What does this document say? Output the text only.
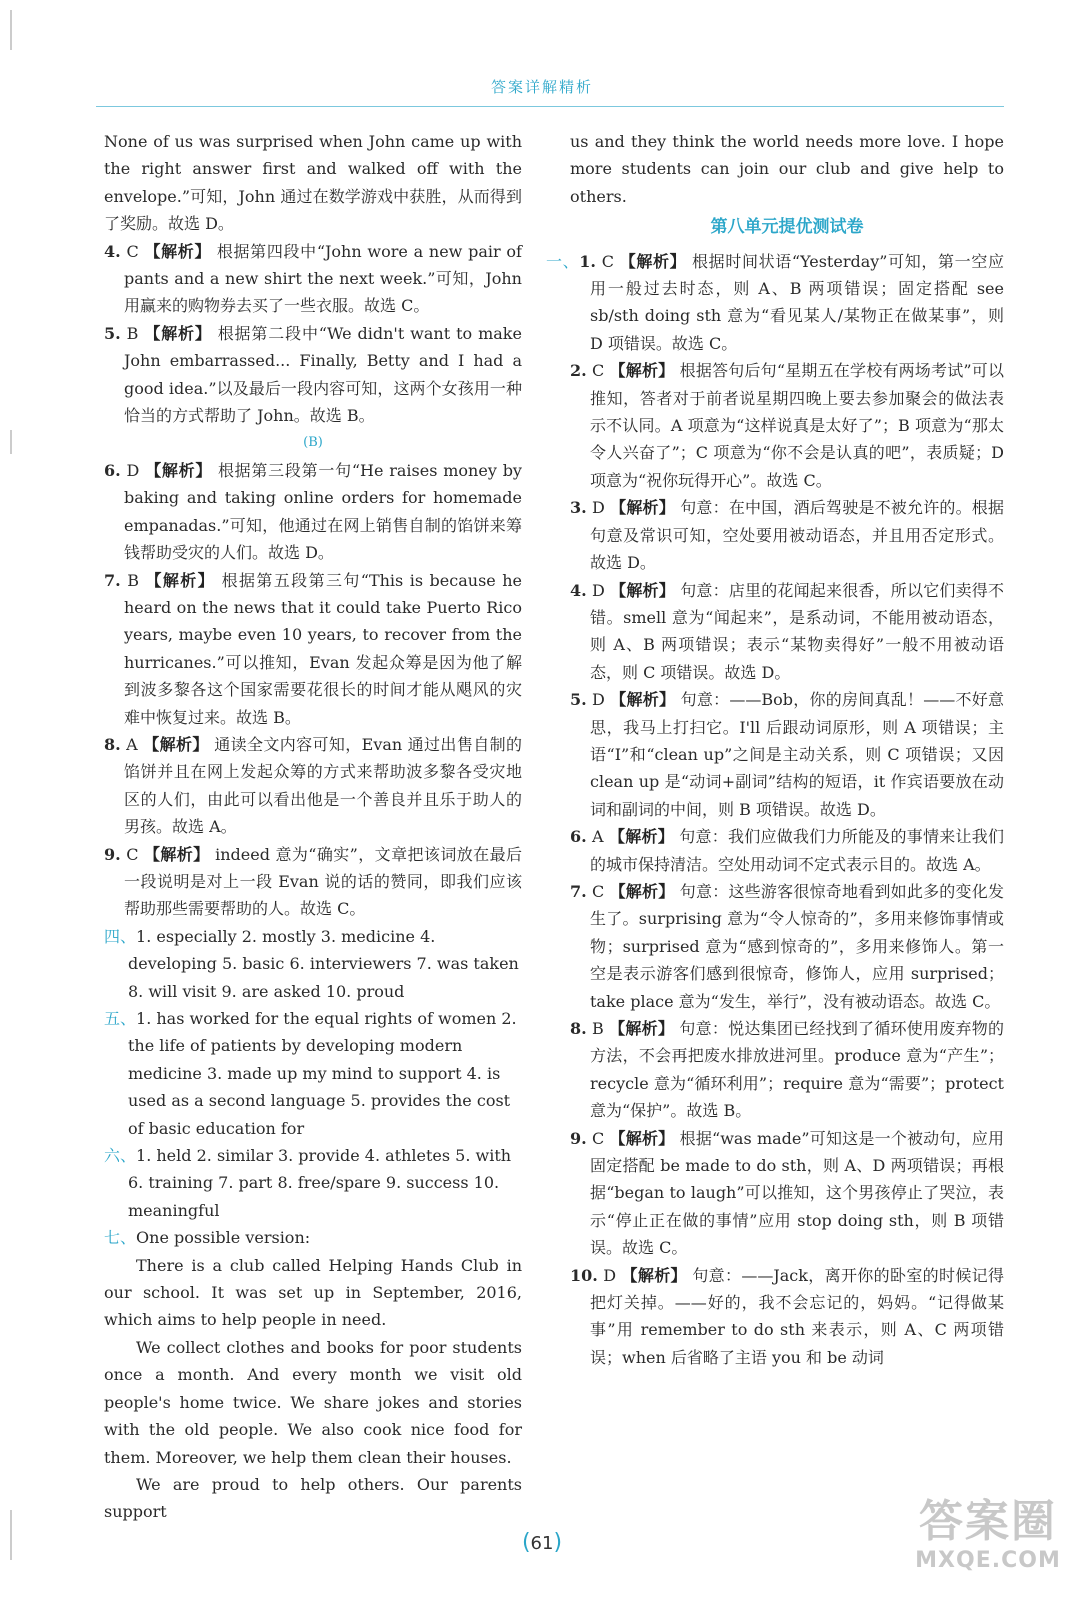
答案详解精析

None of us was surprised when John came up with the right answer first and walked off with the envelope.”可知，John 通过在数学游戏中获胜，从而得到了奖励。故选 D。

4. C 【解析】 根据第四段中“John wore a new pair of pants and a new shirt the next week.”可知，John 用赢来的购物券去买了一些衣服。故选 C。

5. B 【解析】 根据第二段中“We didn't want to make John embarrassed... Finally, Betty and I had a good idea.”以及最后一段内容可知，这两个女孩用一种恰当的方式帮助了 John。故选 B。

(B)

6. D 【解析】 根据第三段第一句“He raises money by baking and taking online orders for homemade empanadas.”可知，他通过在网上销售自制的馅饼来筹钱帮助受灾的人们。故选 D。

7. B 【解析】 根据第五段第三句“This is because he heard on the news that it could take Puerto Rico years, maybe even 10 years, to recover from the hurricanes.”可以推知，Evan 发起众筹是因为他了解到波多黎各这个国家需要花很长的时间才能从飓风的灾难中恢复过来。故选 B。

8. A 【解析】 通读全文内容可知，Evan 通过出售自制的馅饼并且在网上发起众筹的方式来帮助波多黎各受灾地区的人们，由此可以看出他是一个善良并且乐于助人的男孩。故选 A。

9. C 【解析】 indeed 意为“确实”，文章把该词放在最后一段说明是对上一段 Evan 说的话的赞同，即我们应该帮助那些需要帮助的人。故选 C。

四、1. especially 2. mostly 3. medicine 4. developing 5. basic 6. interviewers 7. was taken 8. will visit 9. are asked 10. proud

五、1. has worked for the equal rights of women 2. the life of patients by developing modern medicine 3. made up my mind to support 4. is used as a second language 5. provides the cost of basic education for

六、1. held 2. similar 3. provide 4. athletes 5. with 6. training 7. part 8. free/spare 9. success 10. meaningful

七、One possible version:

There is a club called Helping Hands Club in our school. It was set up in September, 2016, which aims to help people in need.

We collect clothes and books for poor students once a month. And every month we visit old people's home twice. We share jokes and stories with the old people. We also cook nice food for them. Moreover, we help them clean their houses.

We are proud to help others. Our parents support

us and they think the world needs more love. I hope more students can join our club and give help to others.

第八单元提优测试卷

一、1. C 【解析】 根据时间状语“Yesterday”可知，第一空应用一般过去时态，则 A、B 两项错误；固定搭配 see sb/sth doing sth 意为“看见某人/某物正在做某事”，则 D 项错误。故选 C。

2. C 【解析】 根据答句后句“星期五在学校有两场考试”可以推知，答者对于前者说星期四晚上要去参加聚会的做法表示不认同。A 项意为“这样说真是太好了”；B 项意为“那太令人兴奋了”；C 项意为“你不会是认真的吧”，表质疑；D 项意为“祝你玩得开心”。故选 C。

3. D 【解析】 句意：在中国，酒后驾驶是不被允许的。根据句意及常识可知，空处要用被动语态，并且用否定形式。故选 D。

4. D 【解析】 句意：店里的花闻起来很香，所以它们卖得不错。smell 意为“闻起来”，是系动词，不能用被动语态，则 A、B 两项错误；表示“某物卖得好”一般不用被动语态，则 C 项错误。故选 D。

5. D 【解析】 句意：——Bob，你的房间真乱！——不好意思，我马上打扫它。I'll 后跟动词原形，则 A 项错误；主语“I”和“clean up”之间是主动关系，则 C 项错误；又因 clean up 是“动词+副词”结构的短语，it 作宾语要放在动词和副词的中间，则 B 项错误。故选 D。

6. A 【解析】 句意：我们应做我们力所能及的事情来让我们的城市保持清洁。空处用动词不定式表示目的。故选 A。

7. C 【解析】 句意：这些游客很惊奇地看到如此多的变化发生了。surprising 意为“令人惊奇的”，多用来修饰事情或物；surprised 意为“感到惊奇的”，多用来修饰人。第一空是表示游客们感到很惊奇，修饰人，应用 surprised；take place 意为“发生，举行”，没有被动语态。故选 C。

8. B 【解析】 句意：悦达集团已经找到了循环使用废弃物的方法，不会再把废水排放进河里。produce 意为“产生”；recycle 意为“循环利用”；require 意为“需要”；protect 意为“保护”。故选 B。

9. C 【解析】 根据“was made”可知这是一个被动句，应用固定搭配 be made to do sth，则 A、D 两项错误；再根据“began to laugh”可以推知，这个男孩停止了哭泣，表示“停止正在做的事情”应用 stop doing sth，则 B 项错误。故选 C。

10. D 【解析】 句意：——Jack，离开你的卧室的时候记得把灯关掉。——好的，我不会忘记的，妈妈。“记得做某事”用 remember to do sth 来表示，则 A、C 两项错误；when 后省略了主语 you 和 be 动词

(61)	答案圈
MXQE.COM
